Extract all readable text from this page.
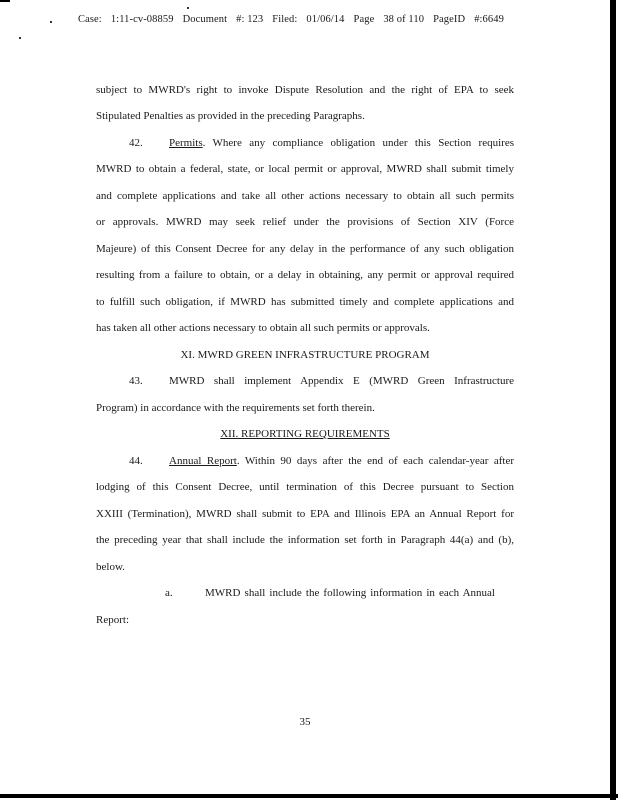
Case: 1:11-cv-08859 Document #: 123 Filed: 01/06/14 Page 38 of 110 PageID #:6649
subject to MWRD's right to invoke Dispute Resolution and the right of EPA to seek
Stipulated Penalties as provided in the preceding Paragraphs.
42. Permits. Where any compliance obligation under this Section requires
MWRD to obtain a federal, state, or local permit or approval, MWRD shall submit timely
and complete applications and take all other actions necessary to obtain all such permits
or approvals. MWRD may seek relief under the provisions of Section XIV (Force
Majeure) of this Consent Decree for any delay in the performance of any such obligation
resulting from a failure to obtain, or a delay in obtaining, any permit or approval required
to fulfill such obligation, if MWRD has submitted timely and complete applications and
has taken all other actions necessary to obtain all such permits or approvals.
XI. MWRD GREEN INFRASTRUCTURE PROGRAM
43. MWRD shall implement Appendix E (MWRD Green Infrastructure
Program) in accordance with the requirements set forth therein.
XII. REPORTING REQUIREMENTS
44. Annual Report. Within 90 days after the end of each calendar-year after
lodging of this Consent Decree, until termination of this Decree pursuant to Section
XXIII (Termination), MWRD shall submit to EPA and Illinois EPA an Annual Report for
the preceding year that shall include the information set forth in Paragraph 44(a) and (b),
below.
a.	MWRD shall include the following information in each Annual
Report:
35
